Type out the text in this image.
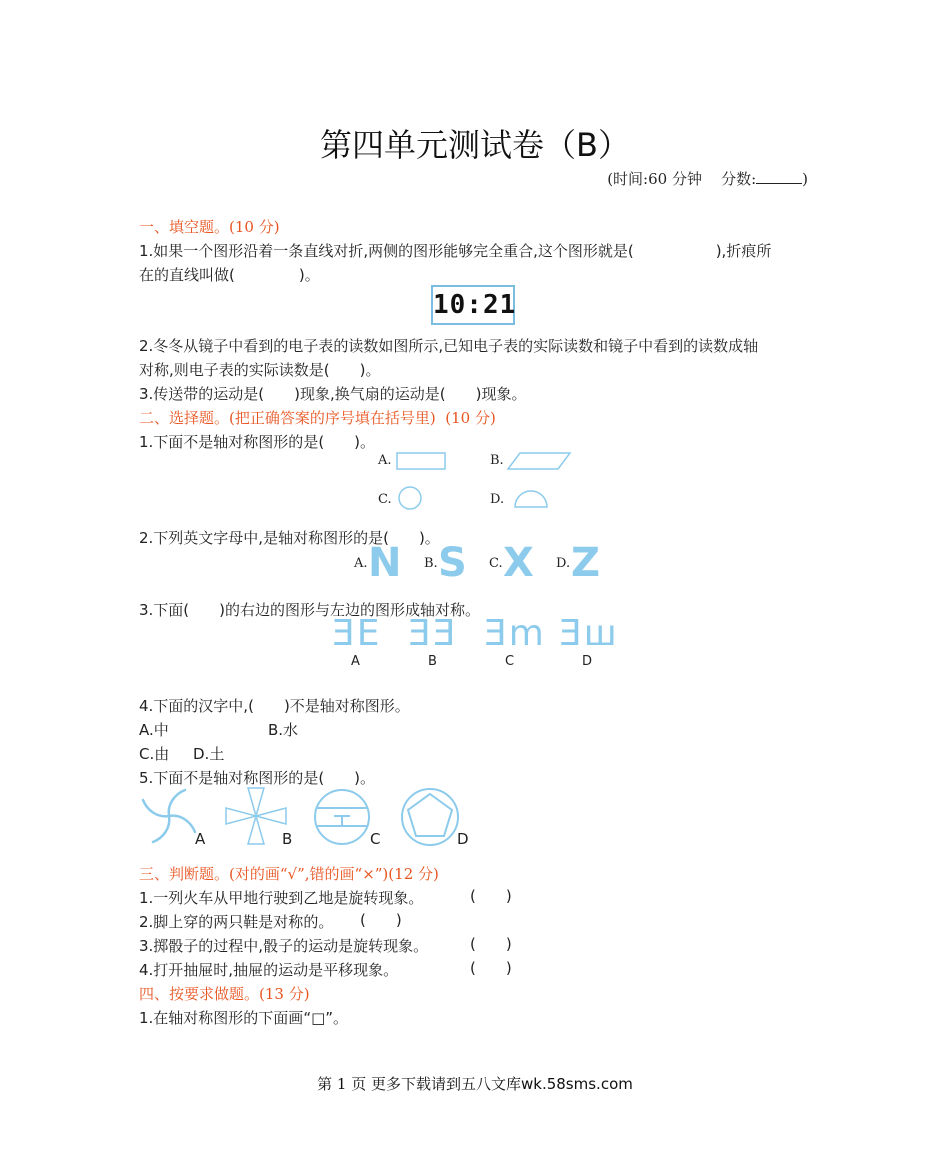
第四单元测试卷（B）
(时间:60 分钟 分数:	)
一、填空题。(10 分)
1.如果一个图形沿着一条直线对折,两侧的图形能够完全重合,这个图形就是(	),折痕所
在的直线叫做(	)。
10:21
2.冬冬从镜子中看到的电子表的读数如图所示,已知电子表的实际读数和镜子中看到的读数成轴
对称,则电子表的实际读数是( )。
3.传送带的运动是( )现象,换气扇的运动是( )现象。
二、选择题。(把正确答案的序号填在括号里) (10 分)
1.下面不是轴对称图形的是( )。
A.	B.
C.	D.
2.下列英文字母中,是轴对称图形的是( )。
A. N B. S C. X D. Z
3.下面( )的右边的图形与左边的图形成轴对称。
ƎE
A
ƎƎ
B
Ǝm
C
Ǝш
D
4.下面的汉字中,( )不是轴对称图形。
A.中	B.水
C.由 D.土
5.下面不是轴对称图形的是( )。
A	B	C	D
三、判断题。(对的画“√”,错的画“×”)(12 分)
1.一列火车从甲地行驶到乙地是旋转现象。	( )
2.脚上穿的两只鞋是对称的。 ( )
3.掷骰子的过程中,骰子的运动是旋转现象。	( )
4.打开抽屉时,抽屉的运动是平移现象。	( )
四、按要求做题。(13 分)
1.在轴对称图形的下面画“□”。
第 1 页 更多下载请到五八文库wk.58sms.com
